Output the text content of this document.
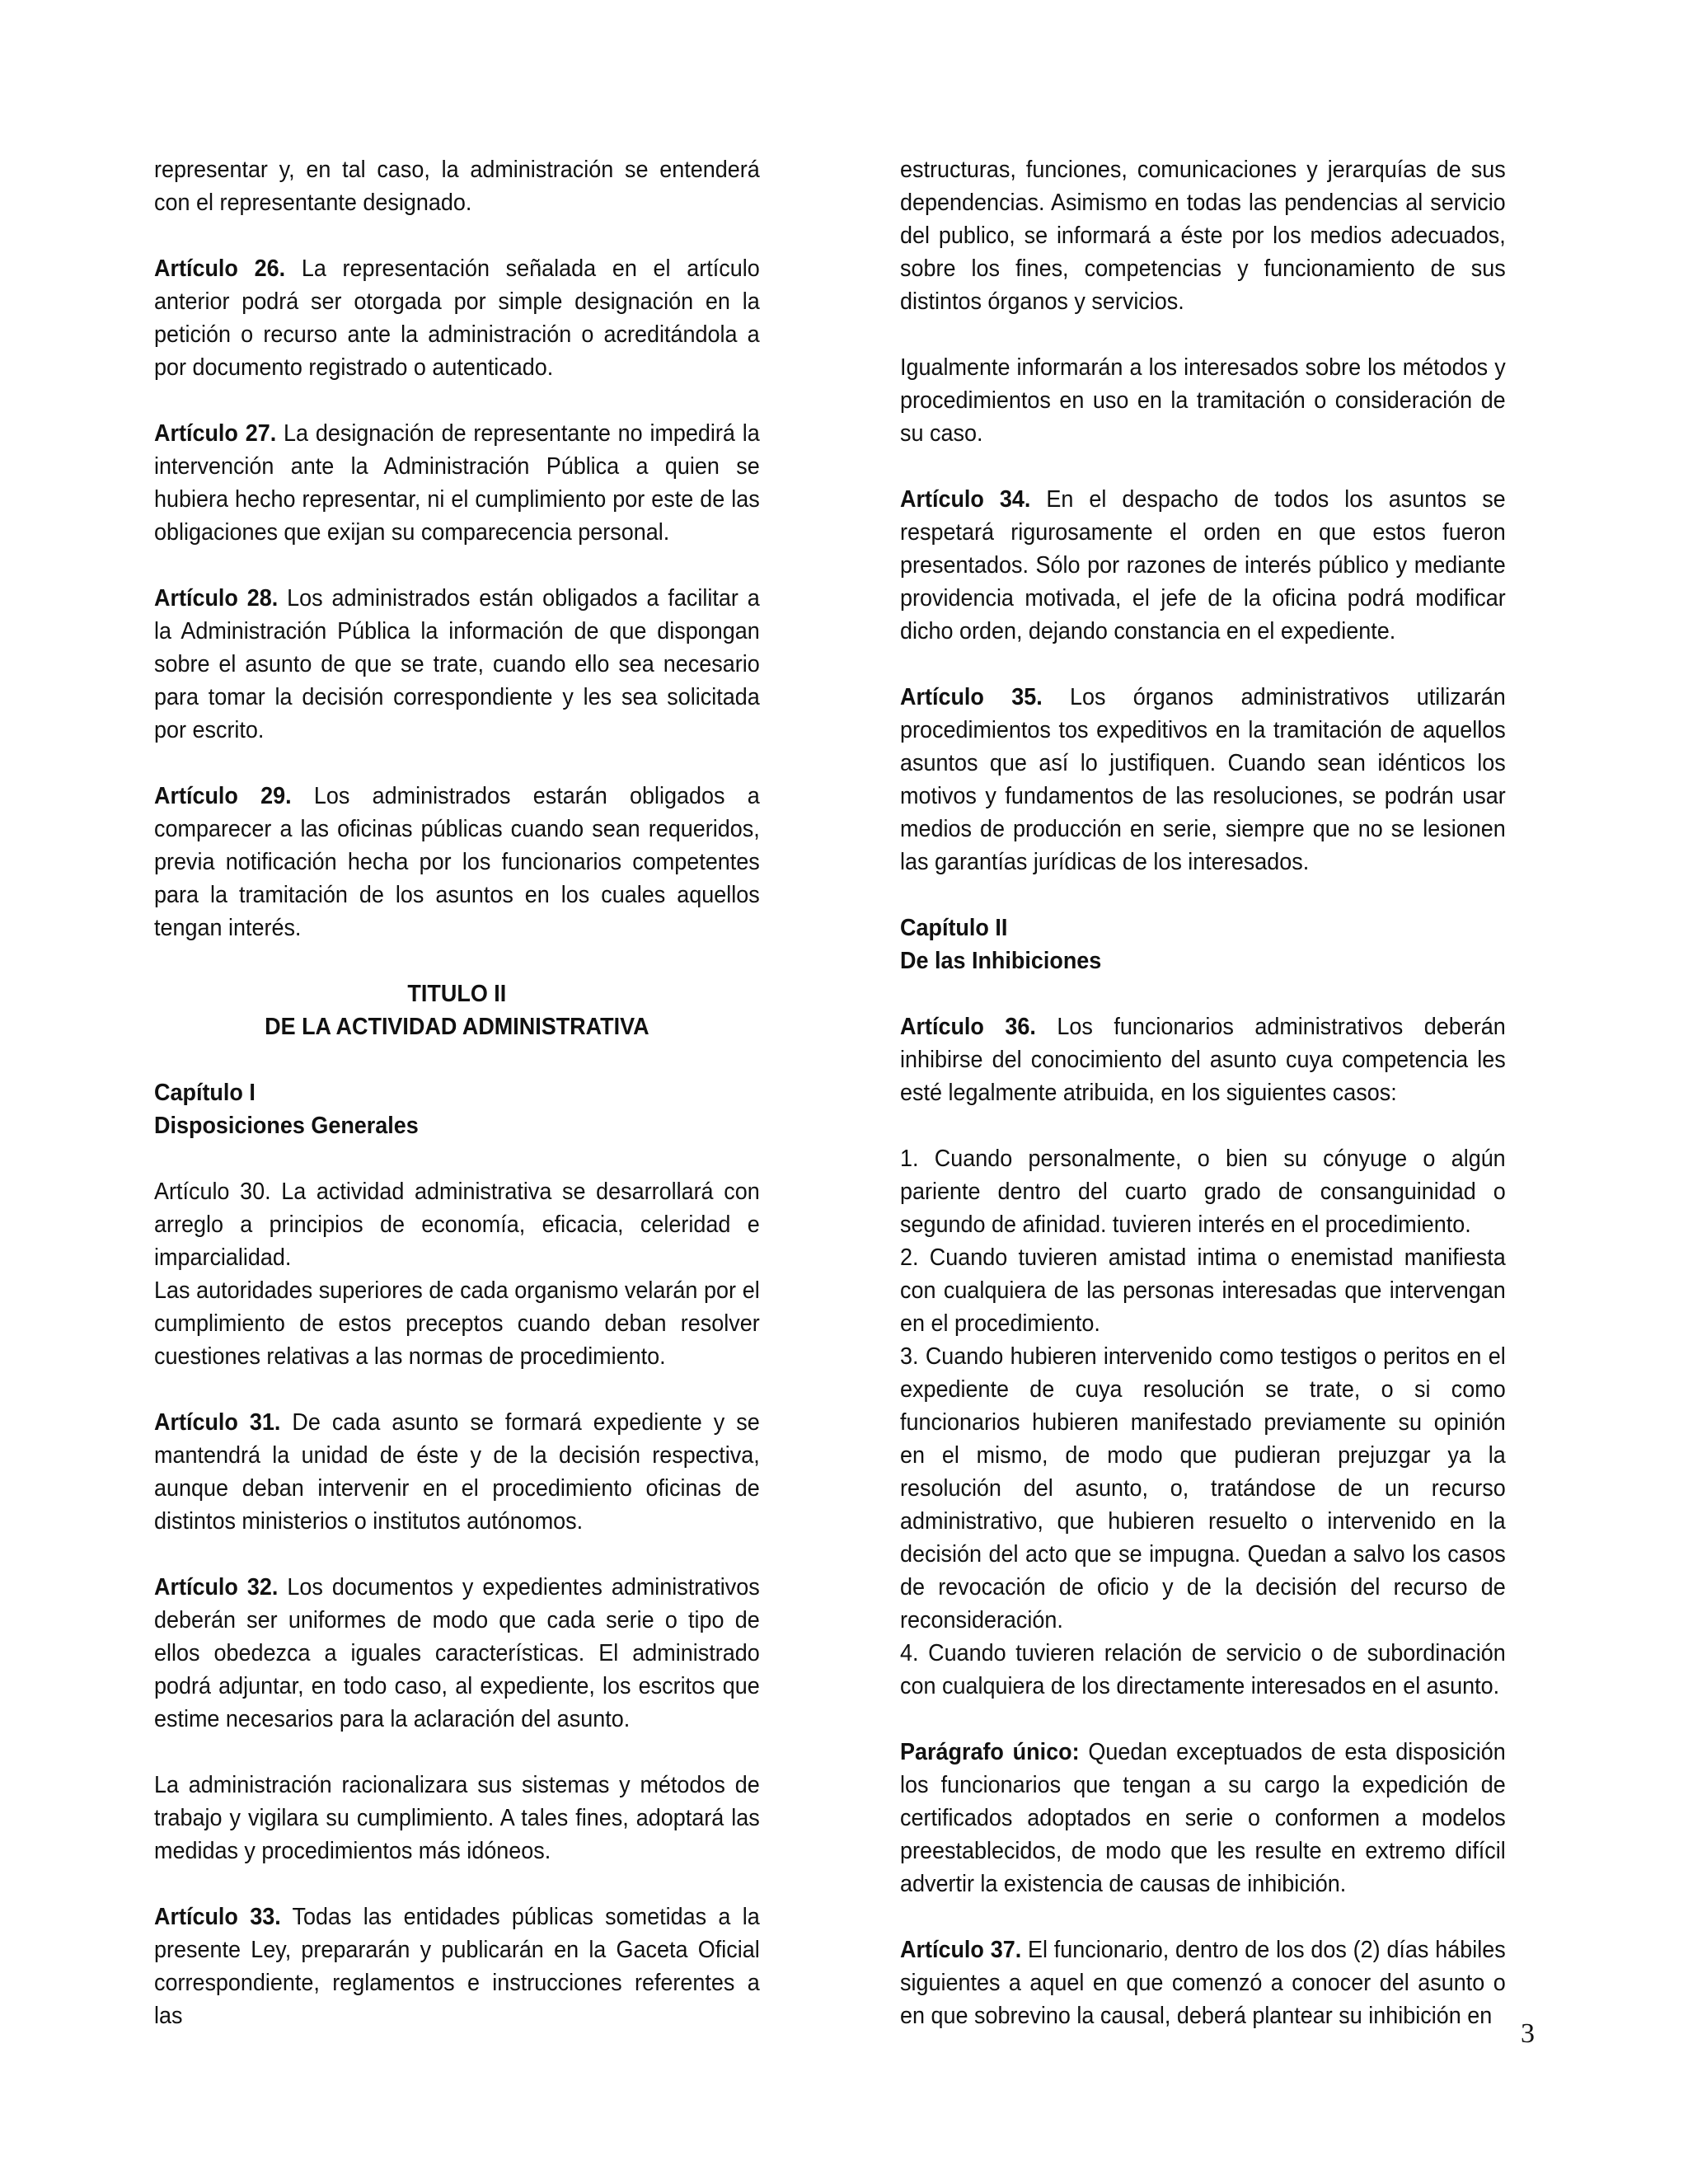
representar y, en tal caso, la administración se entenderá con el representante designado.

Artículo 26. La representación señalada en el artículo anterior podrá ser otorgada por simple designación en la petición o recurso ante la administración o acreditándola a por documento registrado o autenticado.

Artículo 27. La designación de representante no impedirá la intervención ante la Administración Pública a quien se hubiera hecho representar, ni el cumplimiento por este de las obligaciones que exijan su comparecencia personal.

Artículo 28. Los administrados están obligados a facilitar a la Administración Pública la información de que dispongan sobre el asunto de que se trate, cuando ello sea necesario para tomar la decisión correspondiente y les sea solicitada por escrito.

Artículo 29. Los administrados estarán obligados a comparecer a las oficinas públicas cuando sean requeridos, previa notificación hecha por los funcionarios competentes para la tramitación de los asuntos en los cuales aquellos tengan interés.

TITULO II
DE LA ACTIVIDAD ADMINISTRATIVA
Capítulo I
Disposiciones Generales

Artículo 30. La actividad administrativa se desarrollará con arreglo a principios de economía, eficacia, celeridad e imparcialidad.

Las autoridades superiores de cada organismo velarán por el cumplimiento de estos preceptos cuando deban resolver cuestiones relativas a las normas de procedimiento.

Artículo 31. De cada asunto se formará expediente y se mantendrá la unidad de éste y de la decisión respectiva, aunque deban intervenir en el procedimiento oficinas de distintos ministerios o institutos autónomos.

Artículo 32. Los documentos y expedientes administrativos deberán ser uniformes de modo que cada serie o tipo de ellos obedezca a iguales características. El administrado podrá adjuntar, en todo caso, al expediente, los escritos que estime necesarios para la aclaración del asunto.

La administración racionalizara sus sistemas y métodos de trabajo y vigilara su cumplimiento. A tales fines, adoptará las medidas y procedimientos más idóneos.

Artículo 33. Todas las entidades públicas sometidas a la presente Ley, prepararán y publicarán en la Gaceta Oficial correspondiente, reglamentos e instrucciones referentes a las

estructuras, funciones, comunicaciones y jerarquías de sus dependencias. Asimismo en todas las pendencias al servicio del publico, se informará a éste por los medios adecuados, sobre los fines, competencias y funcionamiento de sus distintos órganos y servicios.

Igualmente informarán a los interesados sobre los métodos y procedimientos en uso en la tramitación o consideración de su caso.

Artículo 34. En el despacho de todos los asuntos se respetará rigurosamente el orden en que estos fueron presentados. Sólo por razones de interés público y mediante providencia motivada, el jefe de la oficina podrá modificar dicho orden, dejando constancia en el expediente.

Artículo 35. Los órganos administrativos utilizarán procedimientos tos expeditivos en la tramitación de aquellos asuntos que así lo justifiquen. Cuando sean idénticos los motivos y fundamentos de las resoluciones, se podrán usar medios de producción en serie, siempre que no se lesionen las garantías jurídicas de los interesados.

Capítulo II
De las Inhibiciones

Artículo 36. Los funcionarios administrativos deberán inhibirse del conocimiento del asunto cuya competencia les esté legalmente atribuida, en los siguientes casos:

1. Cuando personalmente, o bien su cónyuge o algún pariente dentro del cuarto grado de consanguinidad o segundo de afinidad. tuvieren interés en el procedimiento.

2. Cuando tuvieren amistad intima o enemistad manifiesta con cualquiera de las personas interesadas que intervengan en el procedimiento.

3. Cuando hubieren intervenido como testigos o peritos en el expediente de cuya resolución se trate, o si como funcionarios hubieren manifestado previamente su opinión en el mismo, de modo que pudieran prejuzgar ya la resolución del asunto, o, tratándose de un recurso administrativo, que hubieren resuelto o intervenido en la decisión del acto que se impugna. Quedan a salvo los casos de revocación de oficio y de la decisión del recurso de reconsideración.

4. Cuando tuvieren relación de servicio o de subordinación con cualquiera de los directamente interesados en el asunto.

Parágrafo único: Quedan exceptuados de esta disposición los funcionarios que tengan a su cargo la expedición de certificados adoptados en serie o conformen a modelos preestablecidos, de modo que les resulte en extremo difícil advertir la existencia de causas de inhibición.

Artículo 37. El funcionario, dentro de los dos (2) días hábiles siguientes a aquel en que comenzó a conocer del asunto o en que sobrevino la causal, deberá plantear su inhibición en

3
